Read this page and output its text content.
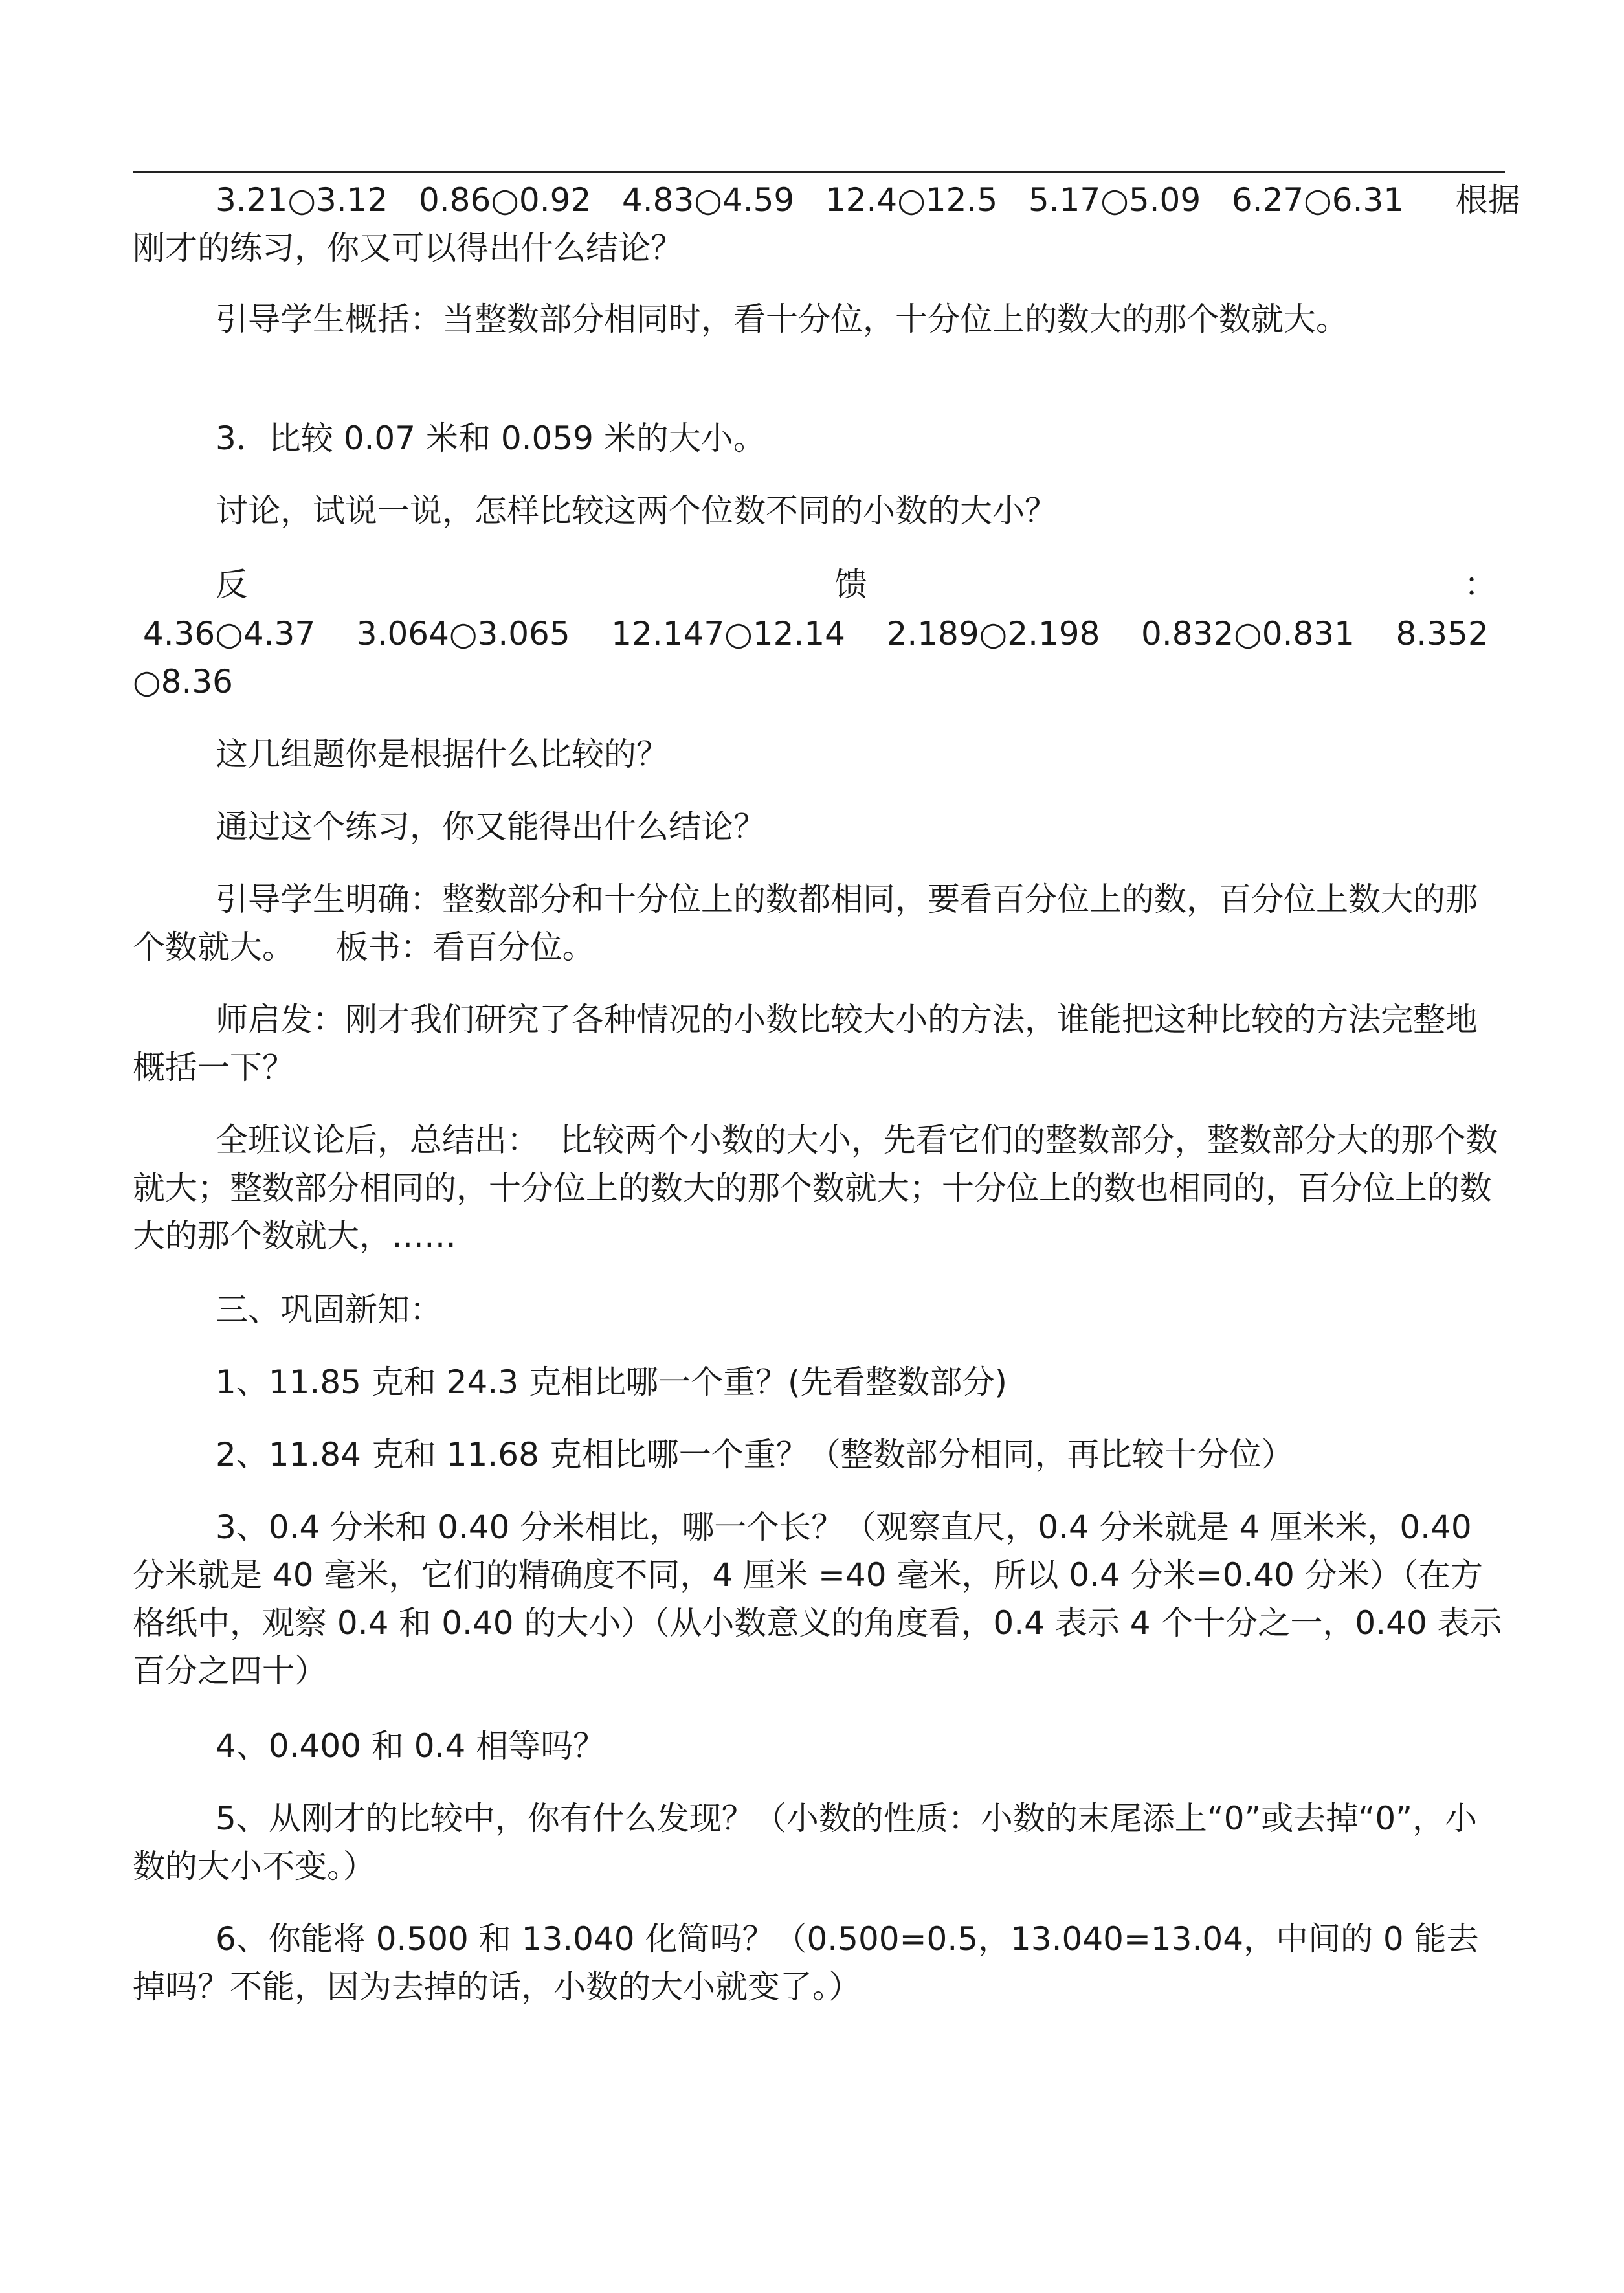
3.21○3.12   0.86○0.92   4.83○4.59   12.4○12.5   5.17○5.09   6.27○6.31     根据

刚才的练习，你又可以得出什么结论？

引导学生概括：当整数部分相同时，看十分位，十分位上的数大的那个数就大。

3．比较 0.07 米和 0.059 米的大小。

讨论，试说一说，怎样比较这两个位数不同的小数的大小？

反	馈	：

4.36○4.37    3.064○3.065    12.147○12.14    2.189○2.198    0.832○0.831    8.352

○8.36

这几组题你是根据什么比较的？

通过这个练习，你又能得出什么结论？

引导学生明确：整数部分和十分位上的数都相同，要看百分位上的数，百分位上数大的那个数就大。    板书：看百分位。

师启发：刚才我们研究了各种情况的小数比较大小的方法，谁能把这种比较的方法完整地概括一下？

全班议论后，总结出：  比较两个小数的大小，先看它们的整数部分，整数部分大的那个数就大；整数部分相同的，十分位上的数大的那个数就大；十分位上的数也相同的，百分位上的数大的那个数就大，……

三、巩固新知：

1、11.85 克和 24.3 克相比哪一个重？(先看整数部分)

2、11.84 克和 11.68 克相比哪一个重？（整数部分相同，再比较十分位）

3、0.4 分米和 0.40 分米相比，哪一个长？（观察直尺，0.4 分米就是 4 厘米米，0.40 分米就是 40 毫米，它们的精确度不同，4 厘米 =40 毫米，所以 0.4 分米=0.40 分米）（在方格纸中，观察 0.4 和 0.40 的大小）（从小数意义的角度看，0.4 表示 4 个十分之一，0.40 表示百分之四十）

4、0.400 和 0.4 相等吗？

5、从刚才的比较中，你有什么发现？（小数的性质：小数的末尾添上“0”或去掉“0”，小数的大小不变。）

6、你能将 0.500 和 13.040 化简吗？（0.500=0.5，13.040=13.04，中间的 0 能去掉吗？不能，因为去掉的话，小数的大小就变了。）
